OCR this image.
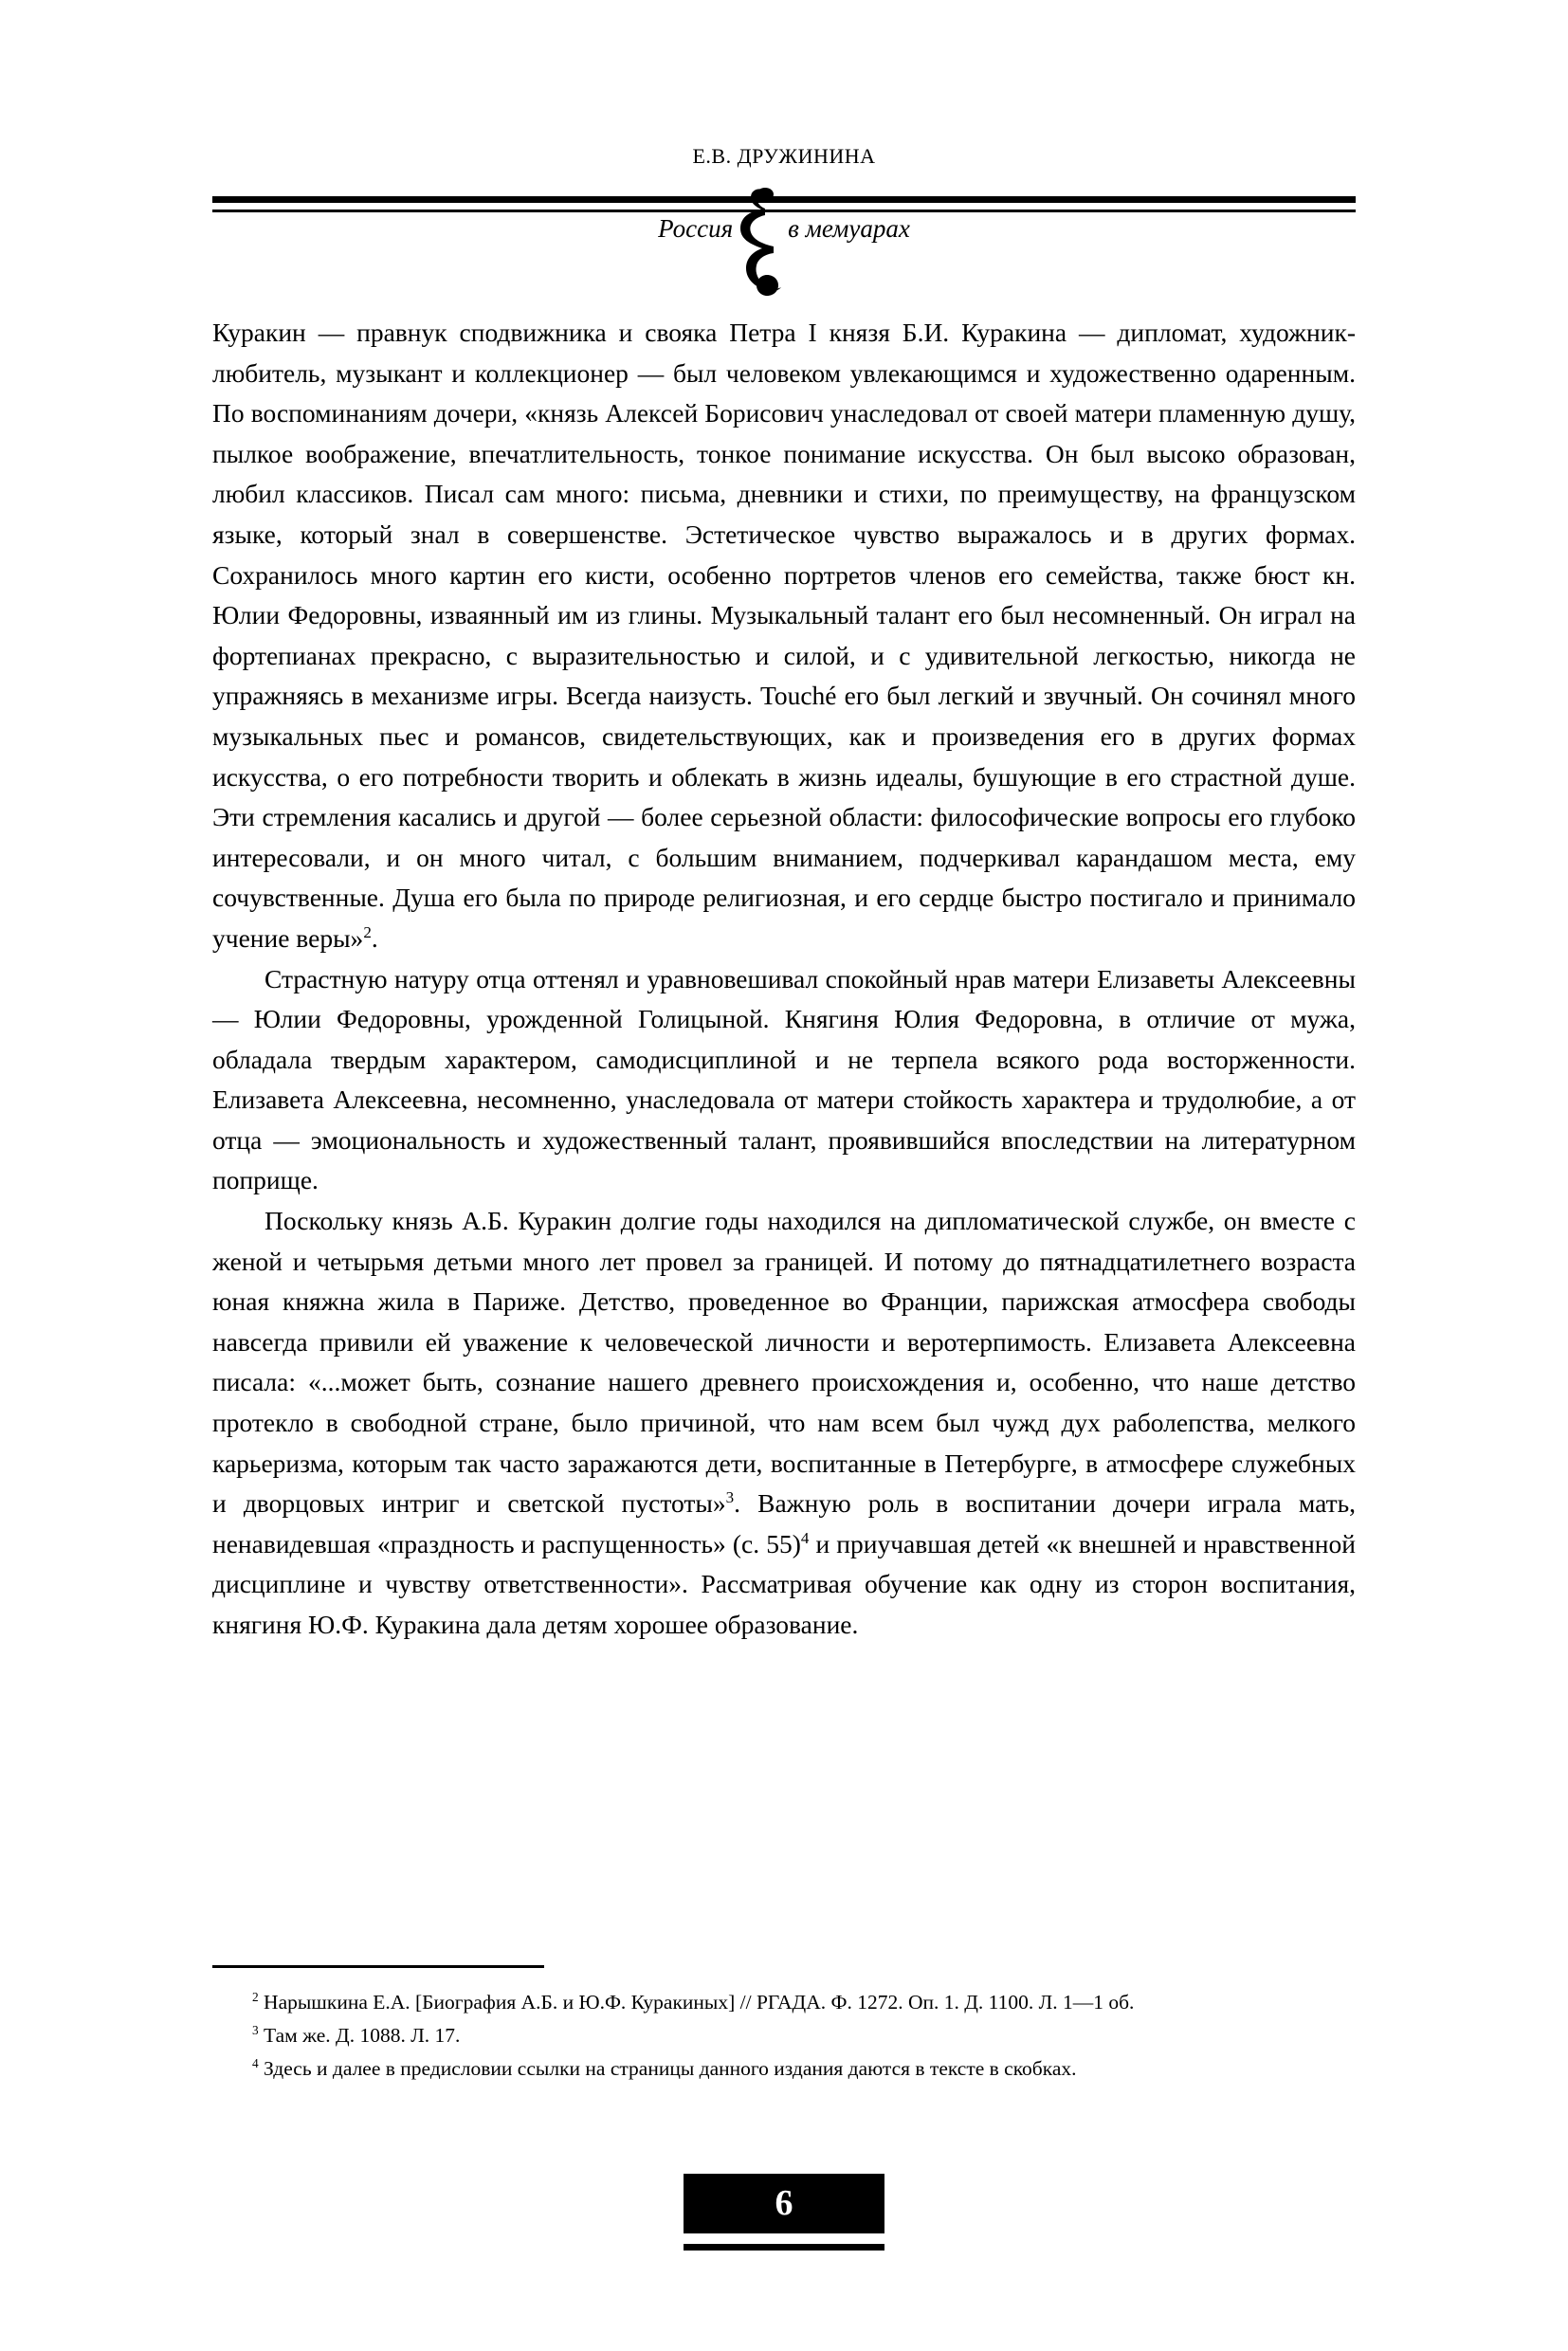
Е.В. ДРУЖИНИНА
Россия в мемуарах

Куракин — правнук сподвижника и свояка Петра I князя Б.И. Куракина — дипломат, художник-любитель, музыкант и коллекционер — был человеком увлекающимся и художественно одаренным. По воспоминаниям дочери, «князь Алексей Борисович унаследовал от своей матери пламенную душу, пылкое воображение, впечатлительность, тонкое понимание искусства. Он был высоко образован, любил классиков. Писал сам много: письма, дневники и стихи, по преимуществу, на французском языке, который знал в совершенстве. Эстетическое чувство выражалось и в других формах. Сохранилось много картин его кисти, особенно портретов членов его семейства, также бюст кн. Юлии Федоровны, изваянный им из глины. Музыкальный талант его был несомненный. Он играл на фортепианах прекрасно, с выразительностью и силой, и с удивительной легкостью, никогда не упражняясь в механизме игры. Всегда наизусть. Touché его был легкий и звучный. Он сочинял много музыкальных пьес и романсов, свидетельствующих, как и произведения его в других формах искусства, о его потребности творить и облекать в жизнь идеалы, бушующие в его страстной душе. Эти стремления касались и другой — более серьезной области: философические вопросы его глубоко интересовали, и он много читал, с большим вниманием, подчеркивал карандашом места, ему сочувственные. Душа его была по природе религиозная, и его сердце быстро постигало и принимало учение веры»$^2$.

Страстную натуру отца оттенял и уравновешивал спокойный нрав матери Елизаветы Алексеевны — Юлии Федоровны, урожденной Голицыной. Княгиня Юлия Федоровна, в отличие от мужа, обладала твердым характером, самодисциплиной и не терпела всякого рода восторженности. Елизавета Алексеевна, несомненно, унаследовала от матери стойкость характера и трудолюбие, а от отца — эмоциональность и художественный талант, проявившийся впоследствии на литературном поприще.

Поскольку князь А.Б. Куракин долгие годы находился на дипломатической службе, он вместе с женой и четырьмя детьми много лет провел за границей. И потому до пятнадцатилетнего возраста юная княжна жила в Париже. Детство, проведенное во Франции, парижская атмосфера свободы навсегда привили ей уважение к человеческой личности и веротерпимость. Елизавета Алексеевна писала: «...может быть, сознание нашего древнего происхождения и, особенно, что наше детство протекло в свободной стране, было причиной, что нам всем был чужд дух раболепства, мелкого карьеризма, которым так часто заражаются дети, воспитанные в Петербурге, в атмосфере служебных и дворцовых интриг и светской пустоты»$^3$. Важную роль в воспитании дочери играла мать, ненавидевшая «праздность и распущенность» (с. 55)$^4$ и приучавшая детей «к внешней и нравственной дисциплине и чувству ответственности». Рассматривая обучение как одну из сторон воспитания, княгиня Ю.Ф. Куракина дала детям хорошее образование.

$^2$ Нарышкина Е.А. [Биография А.Б. и Ю.Ф. Куракиных] // РГАДА. Ф. 1272. Оп. 1. Д. 1100. Л. 1—1 об.

$^3$ Там же. Д. 1088. Л. 17.

$^4$ Здесь и далее в предисловии ссылки на страницы данного издания даются в тексте в скобках.

6
